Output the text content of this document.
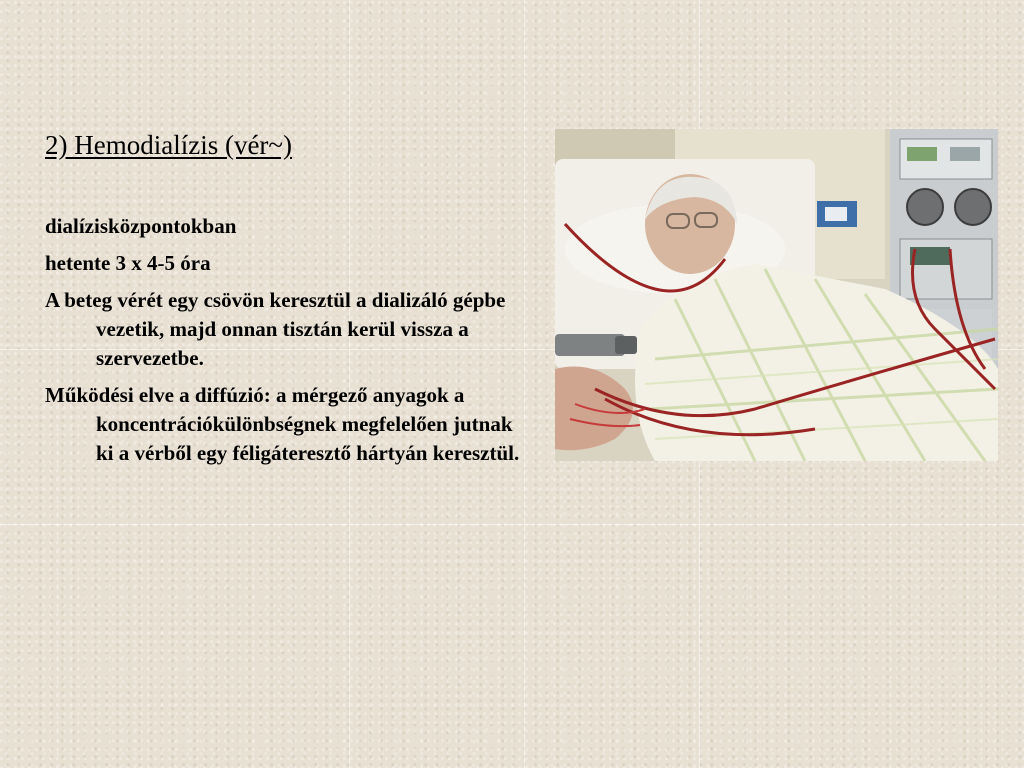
2) Hemodialízis (vér~)

dialízisközpontokban

hetente 3 x 4-5 óra

A beteg vérét egy csövön keresztül a dializáló gépbe vezetik, majd onnan tisztán kerül vissza a szervezetbe.

Működési elve a diffúzió: a mérgező anyagok a koncentrációkülönbségnek megfelelően jutnak ki a vérből egy féligáteresztő hártyán keresztül.
